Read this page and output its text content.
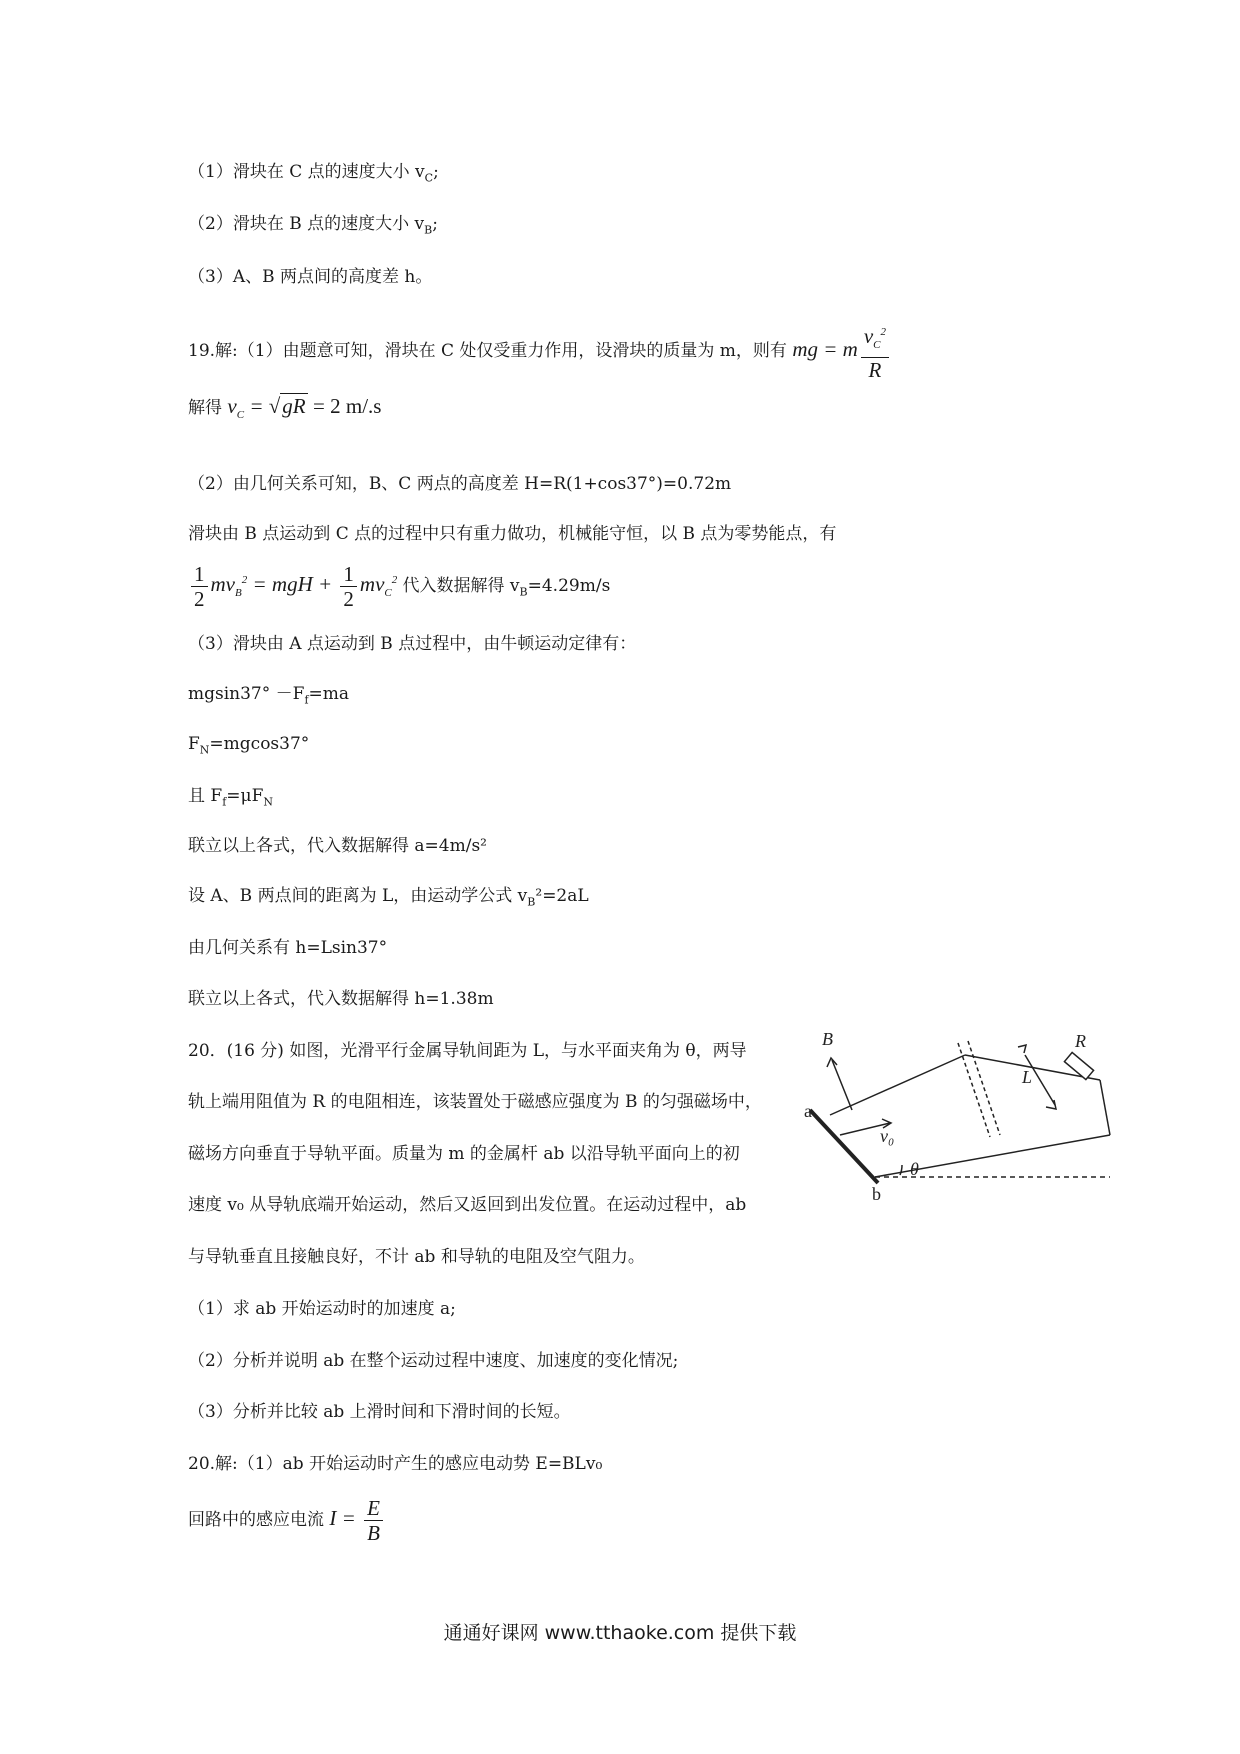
（1）滑块在 C 点的速度大小 $v_C$;
（2）滑块在 B 点的速度大小 $v_B$;
（3）A、B 两点间的高度差 h。
19.解:（1）由题意可知，滑块在 C 处仅受重力作用，设滑块的质量为 m，则有 mg = m $\frac{v_C^2}{R}$
解得 $v_C = √gR = 2$ m/.s
（2）由几何关系可知，B、C 两点的高度差 H=R(1+cos37°)=0.72m
滑块由 B 点运动到 C 点的过程中只有重力做功，机械能守恒，以 B 点为零势能点，有
$\frac{1}{2} mv_B^2$ = mgH + $\frac{1}{2} mv_C^2$ 代入数据解得 $v_B=4.29m/s$
（3）滑块由 A 点运动到 B 点过程中，由牛顿运动定律有：
$mgsin37^\circ -F_f=ma$
$F_N=mgcos37^\circ$
且 $F_f=\mu F_N$
联立以上各式，代入数据解得 a=4m/s²
设 A、B 两点间的距离为 L，由运动学公式 $v_B^2=2aL$
由几何关系有 h=Lsin37°
联立以上各式，代入数据解得 h=1.38m
20．(16 分) 如图，光滑平行金属导轨间距为 L，与水平面夹角为 θ，两导
轨上端用阻值为 R 的电阻相连，该装置处于磁感应强度为 B 的匀强磁场中，
磁场方向垂直于导轨平面。质量为 m 的金属杆 ab 以沿导轨平面向上的初
速度 v₀ 从导轨底端开始运动，然后又返回到出发位置。在运动过程中，ab
与导轨垂直且接触良好，不计 ab 和导轨的电阻及空气阻力。
（1）求 ab 开始运动时的加速度 a;
（2）分析并说明 ab 在整个运动过程中速度、加速度的变化情况;
（3）分析并比较 ab 上滑时间和下滑时间的长短。
20.解:（1）ab 开始运动时产生的感应电动势 E=BLv₀
回路中的感应电流 $I = \frac{E}{B}$
B	R
L
a
v₀
θ
b
通通好课网 www.tthaoke.com 提供下载
